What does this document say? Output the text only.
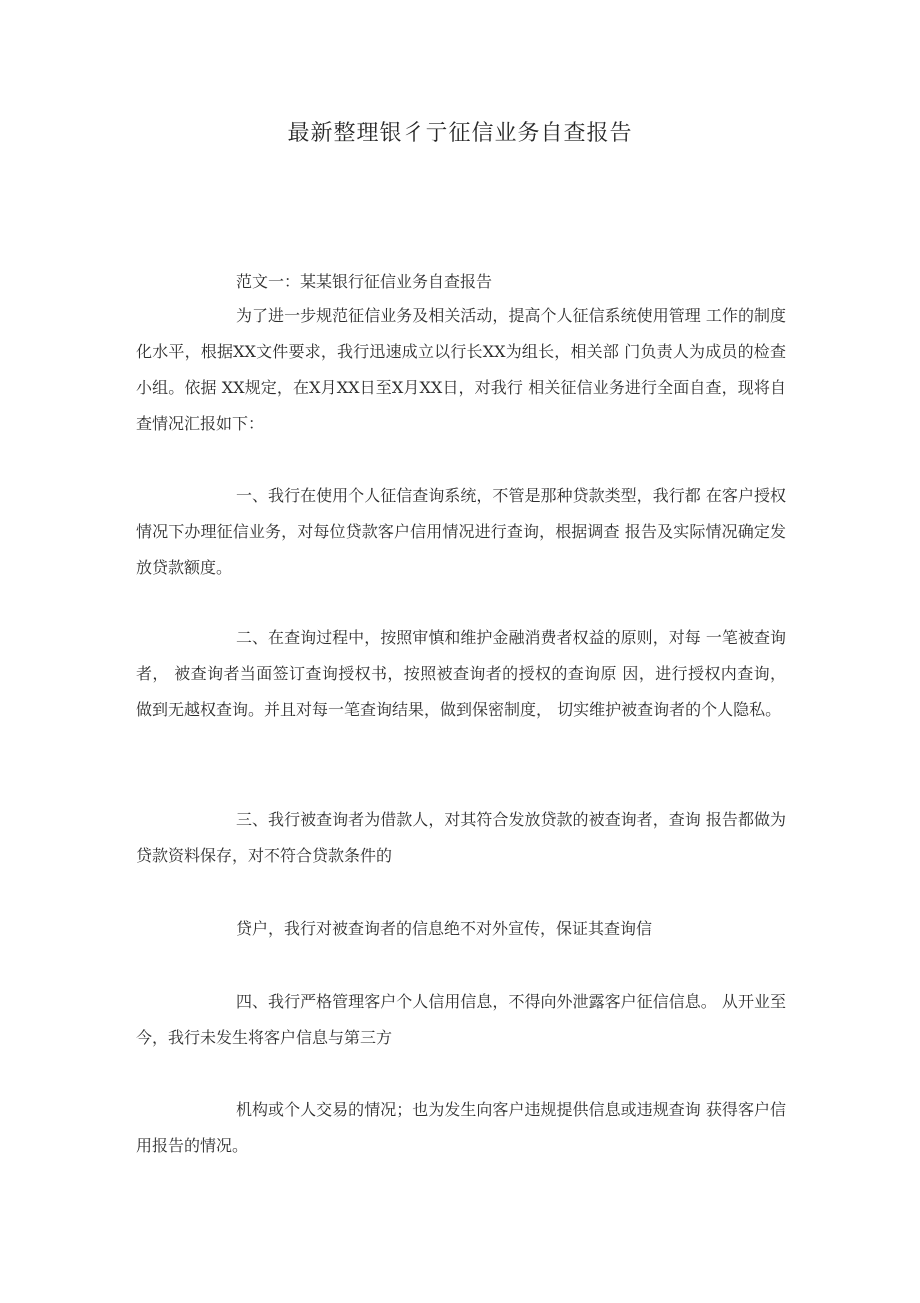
最新整理银彳亍征信业务自查报告

范文一：某某银行征信业务自查报告

为了进一步规范征信业务及相关活动，提高个人征信系统使用管理 工作的制度化水平，根据XX文件要求，我行迅速成立以行长XX为组长，相关部 门负责人为成员的检查小组。依据 XX规定，在X月XX日至X月XX日，对我行 相关征信业务进行全面自查，现将自查情况汇报如下：

一、我行在使用个人征信查询系统，不管是那种贷款类型，我行都 在客户授权情况下办理征信业务，对每位贷款客户信用情况进行查询，根据调查 报告及实际情况确定发放贷款额度。

二、在查询过程中，按照审慎和维护金融消费者权益的原则，对每 一笔被查询者， 被查询者当面签订查询授权书，按照被查询者的授权的查询原 因，进行授权内查询，做到无越权查询。并且对每一笔查询结果，做到保密制度， 切实维护被查询者的个人隐私。

三、我行被查询者为借款人，对其符合发放贷款的被查询者，查询 报告都做为贷款资料保存，对不符合贷款条件的

贷户，我行对被查询者的信息绝不对外宣传，保证其查询信

四、我行严格管理客户个人信用信息，不得向外泄露客户征信信息。 从开业至今，我行未发生将客户信息与第三方

机构或个人交易的情况；也为发生向客户违规提供信息或违规查询 获得客户信用报告的情况。
